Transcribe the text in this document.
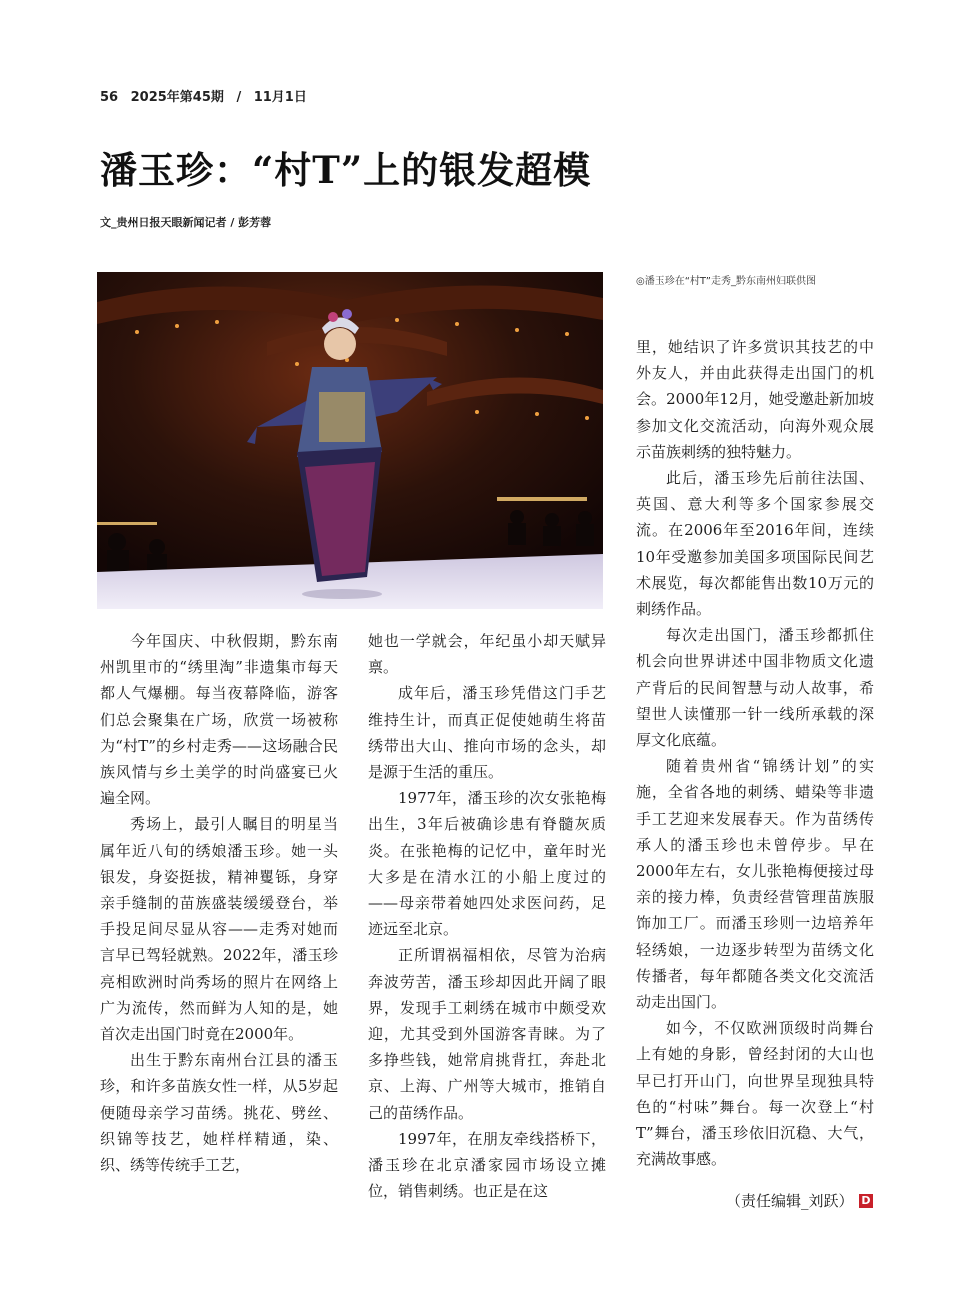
56 2025年第45期 / 11月1日
潘玉珍：“村T”上的银发超模
文_贵州日报天眼新闻记者 / 彭芳蓉
◎潘玉珍在“村T”走秀_黔东南州妇联供图

今年国庆、中秋假期，黔东南州凯里市的“绣里淘”非遗集市每天都人气爆棚。每当夜幕降临，游客们总会聚集在广场，欣赏一场被称为“村T”的乡村走秀——这场融合民族风情与乡土美学的时尚盛宴已火遍全网。

秀场上，最引人瞩目的明星当属年近八旬的绣娘潘玉珍。她一头银发，身姿挺拔，精神矍铄，身穿亲手缝制的苗族盛装缓缓登台，举手投足间尽显从容——走秀对她而言早已驾轻就熟。2022年，潘玉珍亮相欧洲时尚秀场的照片在网络上广为流传，然而鲜为人知的是，她首次走出国门时竟在2000年。

出生于黔东南州台江县的潘玉珍，和许多苗族女性一样，从5岁起便随母亲学习苗绣。挑花、劈丝、织锦等技艺，她样样精通，染、织、绣等传统手工艺，

她也一学就会，年纪虽小却天赋异禀。

成年后，潘玉珍凭借这门手艺维持生计，而真正促使她萌生将苗绣带出大山、推向市场的念头，却是源于生活的重压。

1977年，潘玉珍的次女张艳梅出生，3年后被确诊患有脊髓灰质炎。在张艳梅的记忆中，童年时光大多是在清水江的小船上度过的——母亲带着她四处求医问药，足迹远至北京。

正所谓祸福相依，尽管为治病奔波劳苦，潘玉珍却因此开阔了眼界，发现手工刺绣在城市中颇受欢迎，尤其受到外国游客青睐。为了多挣些钱，她常肩挑背扛，奔赴北京、上海、广州等大城市，推销自己的苗绣作品。

1997年，在朋友牵线搭桥下，潘玉珍在北京潘家园市场设立摊位，销售刺绣。也正是在这

里，她结识了许多赏识其技艺的中外友人，并由此获得走出国门的机会。2000年12月，她受邀赴新加坡参加文化交流活动，向海外观众展示苗族刺绣的独特魅力。

此后，潘玉珍先后前往法国、英国、意大利等多个国家参展交流。在2006年至2016年间，连续10年受邀参加美国多项国际民间艺术展览，每次都能售出数10万元的刺绣作品。

每次走出国门，潘玉珍都抓住机会向世界讲述中国非物质文化遗产背后的民间智慧与动人故事，希望世人读懂那一针一线所承载的深厚文化底蕴。

随着贵州省“锦绣计划”的实施，全省各地的刺绣、蜡染等非遗手工艺迎来发展春天。作为苗绣传承人的潘玉珍也未曾停步。早在2000年左右，女儿张艳梅便接过母亲的接力棒，负责经营管理苗族服饰加工厂。而潘玉珍则一边培养年轻绣娘，一边逐步转型为苗绣文化传播者，每年都随各类文化交流活动走出国门。

如今，不仅欧洲顶级时尚舞台上有她的身影，曾经封闭的大山也早已打开山门，向世界呈现独具特色的“村味”舞台。每一次登上“村T”舞台，潘玉珍依旧沉稳、大气，充满故事感。

（责任编辑_刘跃） D
